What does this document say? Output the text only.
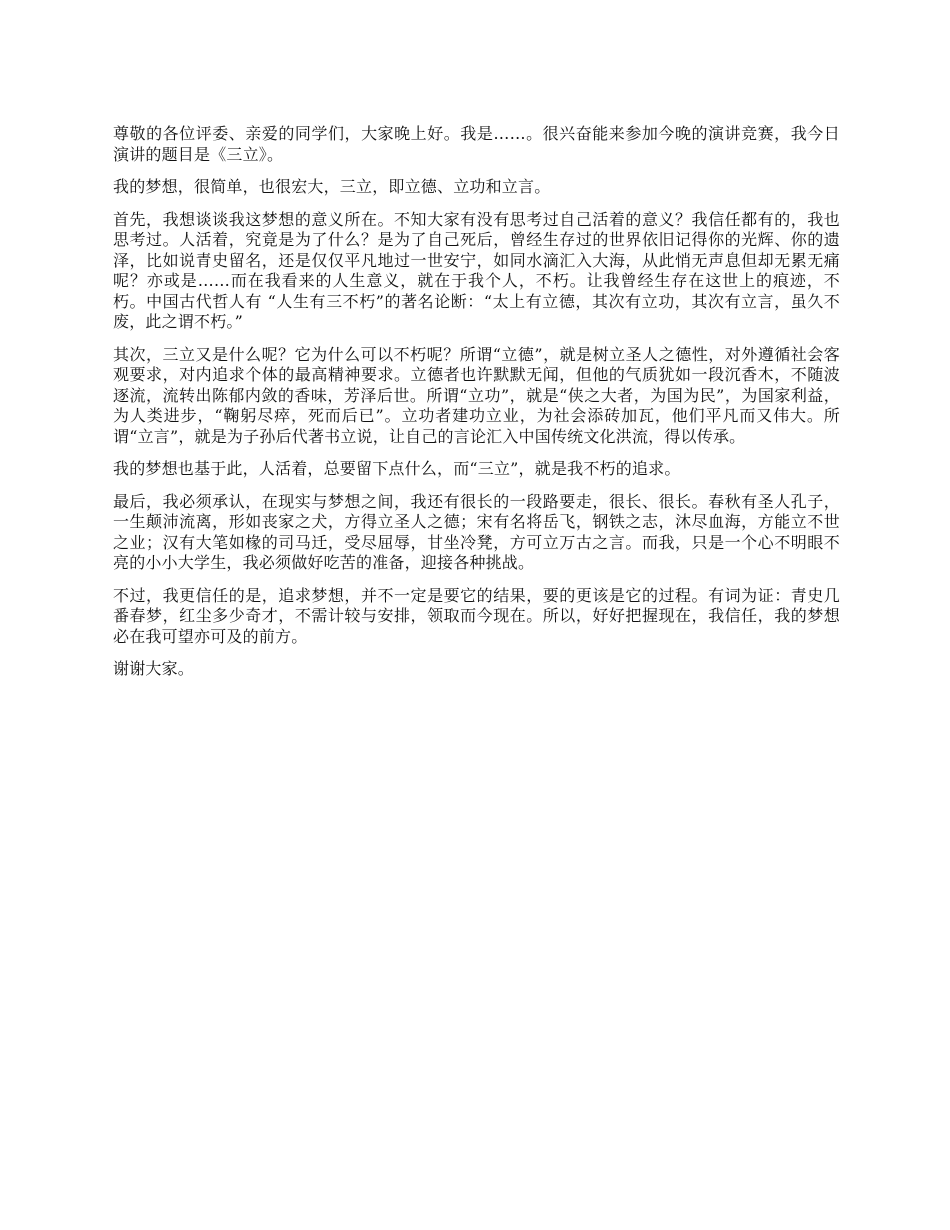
尊敬的各位评委、亲爱的同学们，大家晚上好。我是……。很兴奋能来参加今晚的演讲竞赛，我今日演讲的题目是《三立》。

我的梦想，很简单，也很宏大，三立，即立德、立功和立言。

首先，我想谈谈我这梦想的意义所在。不知大家有没有思考过自己活着的意义？我信任都有的，我也思考过。人活着，究竟是为了什么？是为了自己死后，曾经生存过的世界依旧记得你的光辉、你的遗泽，比如说青史留名，还是仅仅平凡地过一世安宁，如同水滴汇入大海，从此悄无声息但却无累无痛呢？亦或是……而在我看来的人生意义，就在于我个人，不朽。让我曾经生存在这世上的痕迹，不朽。中国古代哲人有 “人生有三不朽”的著名论断：“太上有立德，其次有立功，其次有立言，虽久不废，此之谓不朽。”

其次，三立又是什么呢？它为什么可以不朽呢？所谓“立德”，就是树立圣人之德性，对外遵循社会客观要求，对内追求个体的最高精神要求。立德者也许默默无闻，但他的气质犹如一段沉香木，不随波逐流，流转出陈郁内敛的香味，芳泽后世。所谓“立功”，就是“侠之大者，为国为民”，为国家利益，为人类进步，“鞠躬尽瘁，死而后已”。立功者建功立业，为社会添砖加瓦，他们平凡而又伟大。所谓“立言”，就是为子孙后代著书立说，让自己的言论汇入中国传统文化洪流，得以传承。

我的梦想也基于此，人活着，总要留下点什么，而“三立”，就是我不朽的追求。

最后，我必须承认，在现实与梦想之间，我还有很长的一段路要走，很长、很长。春秋有圣人孔子，一生颠沛流离，形如丧家之犬，方得立圣人之德；宋有名将岳飞，钢铁之志，沐尽血海，方能立不世之业；汉有大笔如椽的司马迁，受尽屈辱，甘坐冷凳，方可立万古之言。而我，只是一个心不明眼不亮的小小大学生，我必须做好吃苦的准备，迎接各种挑战。

不过，我更信任的是，追求梦想，并不一定是要它的结果，要的更该是它的过程。有词为证：青史几番春梦，红尘多少奇才，不需计较与安排，领取而今现在。所以，好好把握现在，我信任，我的梦想必在我可望亦可及的前方。

谢谢大家。
